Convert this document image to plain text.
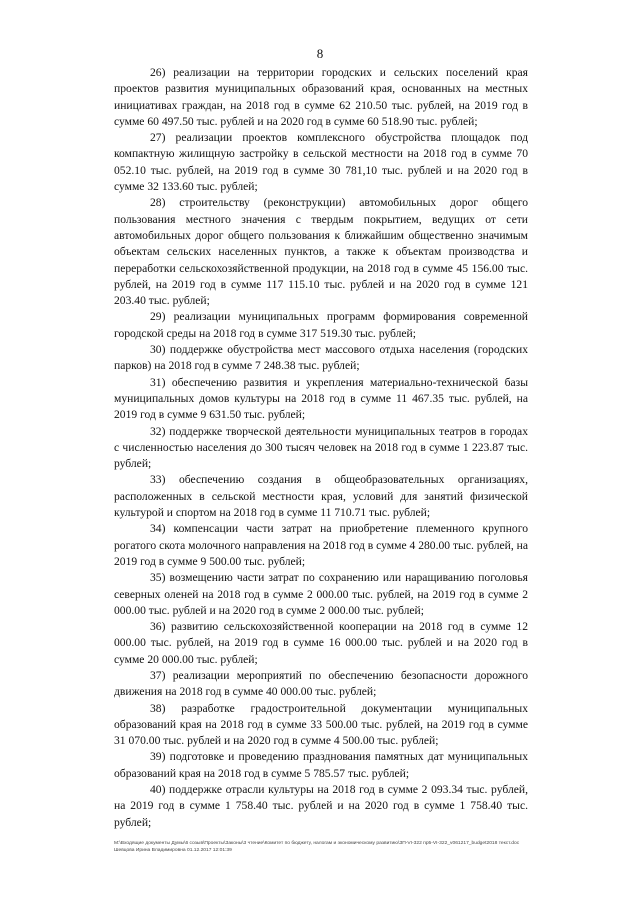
8

26) реализации на территории городских и сельских поселений края проектов развития муниципальных образований края, основанных на местных инициативах граждан, на 2018 год в сумме 62 210.50 тыс. рублей, на 2019 год в сумме 60 497.50 тыс. рублей и на 2020 год в сумме 60 518.90 тыс. рублей;

27) реализации проектов комплексного обустройства площадок под компактную жилищную застройку в сельской местности на 2018 год в сумме 70 052.10 тыс. рублей, на 2019 год в сумме 30 781,10 тыс. рублей и на 2020 год в сумме 32 133.60 тыс. рублей;

28) строительству (реконструкции) автомобильных дорог общего пользования местного значения с твердым покрытием, ведущих от сети автомобильных дорог общего пользования к ближайшим общественно значимым объектам сельских населенных пунктов, а также к объектам производства и переработки сельскохозяйственной продукции, на 2018 год в сумме 45 156.00 тыс. рублей, на 2019 год в сумме 117 115.10 тыс. рублей и на 2020 год в сумме 121 203.40 тыс. рублей;

29) реализации муниципальных программ формирования современной городской среды на 2018 год в сумме 317 519.30 тыс. рублей;

30) поддержке обустройства мест массового отдыха населения (городских парков) на 2018 год в сумме 7 248.38 тыс. рублей;

31) обеспечению развития и укрепления материально-технической базы муниципальных домов культуры на 2018 год в сумме 11 467.35 тыс. рублей, на 2019 год в сумме 9 631.50 тыс. рублей;

32) поддержке творческой деятельности муниципальных театров в городах с численностью населения до 300 тысяч человек на 2018 год в сумме 1 223.87 тыс. рублей;

33) обеспечению создания в общеобразовательных организациях, расположенных в сельской местности края, условий для занятий физической культурой и спортом на 2018 год в сумме 11 710.71 тыс. рублей;

34) компенсации части затрат на приобретение племенного крупного рогатого скота молочного направления на 2018 год в сумме 4 280.00 тыс. рублей, на 2019 год в сумме 9 500.00 тыс. рублей;

35) возмещению части затрат по сохранению или наращиванию поголовья северных оленей на 2018 год в сумме 2 000.00 тыс. рублей, на 2019 год в сумме 2 000.00 тыс. рублей и на 2020 год в сумме 2 000.00 тыс. рублей;

36) развитию сельскохозяйственной кооперации на 2018 год в сумме 12 000.00 тыс. рублей, на 2019 год в сумме 16 000.00 тыс. рублей и на 2020 год в сумме 20 000.00 тыс. рублей;

37) реализации мероприятий по обеспечению безопасности дорожного движения на 2018 год в сумме 40 000.00 тыс. рублей;

38) разработке градостроительной документации муниципальных образований края на 2018 год в сумме 33 500.00 тыс. рублей, на 2019 год в сумме 31 070.00 тыс. рублей и на 2020 год в сумме 4 500.00 тыс. рублей;

39) подготовке и проведению празднования памятных дат муниципальных образований края на 2018 год в сумме 5 785.57 тыс. рублей;

40) поддержке отрасли культуры на 2018 год в сумме 2 093.34 тыс. рублей, на 2019 год в сумме 1 758.40 тыс. рублей и на 2020 год в сумме 1 758.40 тыс. рублей;

М:\Входящие документы Думы\6 созыв\Проекты\Законы\3 чтение\Комитет по бюджету, налогам и экономическому развитию\ЗП-VI-322 пр5-VI-322_v061217_budget2018 текст.doc Шевцова Ирина Владимировна 01.12.2017 12:01:39
